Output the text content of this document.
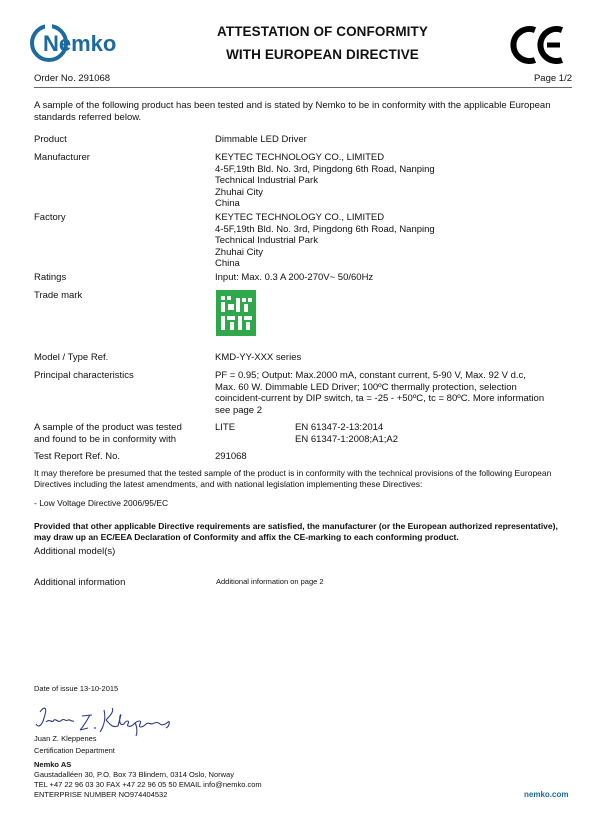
Nemko	ATTESTATION OF CONFORMITY
WITH EUROPEAN DIRECTIVE
Order No. 291068	Page 1/2
A sample of the following product has been tested and is stated by Nemko to be in conformity with the applicable European standards referred below.
Product	Dimmable LED Driver
Manufacturer	KEYTEC TECHNOLOGY CO., LIMITED
4-5F,19th Bld. No. 3rd, Pingdong 6th Road, Nanping
Technical Industrial Park
Zhuhai City
China
Factory	KEYTEC TECHNOLOGY CO., LIMITED
4-5F,19th Bld. No. 3rd, Pingdong 6th Road, Nanping
Technical Industrial Park
Zhuhai City
China
Ratings	Input: Max. 0.3 A 200-270V~ 50/60Hz
Trade mark
Model / Type Ref.	KMD-YY-XXX series
Principal characteristics	PF = 0.95; Output: Max.2000 mA, constant current, 5-90 V, Max. 92 V d.c,
Max. 60 W. Dimmable LED Driver; 100ºC thermally protection, selection
coincident-current by DIP switch, ta = -25 - +50ºC, tc = 80ºC. More information
see page 2
A sample of the product was tested
and found to be in conformity with
LITE	EN 61347-2-13:2014
EN 61347-1:2008;A1;A2
Test Report Ref. No.	291068
It may therefore be presumed that the tested sample of the product is in conformity with the technical provisions of the following European Directives including the latest amendments, and with national legislation implementing these Directives:
- Low Voltage Directive 2006/95/EC
Provided that other applicable Directive requirements are satisfied, the manufacturer (or the European authorized representative), may draw up an EC/EEA Declaration of Conformity and affix the CE-marking to each conforming product.
Additional model(s)
Additional information	Additional information on page 2
Date of issue 13-10-2015
Juan Z. Kleppenes
Certification Department
Nemko AS
Gaustadalléen 30, P.O. Box 73 Blindern, 0314 Oslo, Norway
TEL +47 22 96 03 30 FAX +47 22 96 05 50 EMAIL info@nemko.com
ENTERPRISE NUMBER NO974404532	nemko.com
